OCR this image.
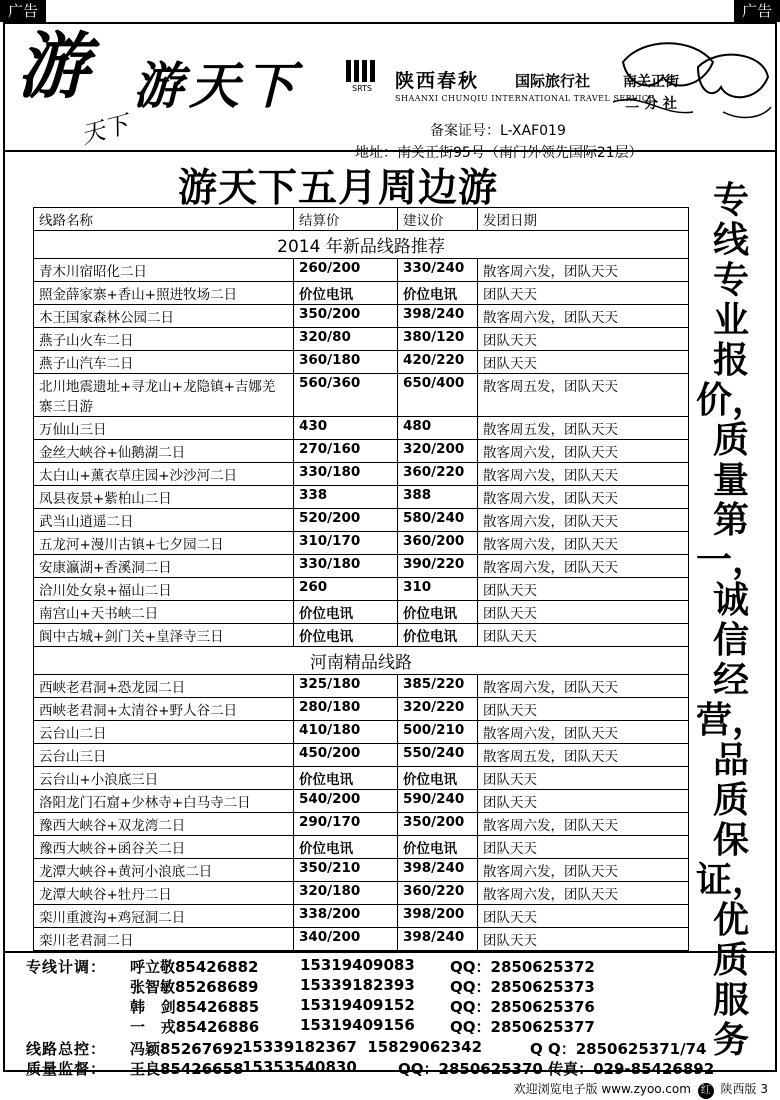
广告	广告
游
天下
游天下	SRTS 陕西春秋 国际旅行社
SHAANXI CHUNQIU INTERNATIONAL TRAVEL SERVICE
南关正街
二 分 社
备案证号：L-XAF019
地址：南关正街95号（南门外领先国际21层）
游天下五月周边游	专线专业报价，质量第一，诚信经营，品质保证，优质服务
线路名称	结算价	建议价	发团日期
2014 年新品线路推荐			
青木川宿昭化二日	260/200	330/240	散客周六发，团队天天
照金薛家寨+香山+照进牧场二日	价位电讯	价位电讯	团队天天
木王国家森林公园二日	350/200	398/240	散客周六发，团队天天
燕子山火车二日	320/80	380/120	团队天天
燕子山汽车二日	360/180	420/220	团队天天
北川地震遗址+寻龙山+龙隐镇+吉娜羌寨三日游	560/360	650/400	散客周五发，团队天天
万仙山三日	430	480	散客周五发，团队天天
金丝大峡谷+仙鹅湖二日	270/160	320/200	散客周六发，团队天天
太白山+薰衣草庄园+沙沙河二日	330/180	360/220	散客周六发，团队天天
凤县夜景+紫柏山二日	338	388	散客周六发，团队天天
武当山逍遥二日	520/200	580/240	散客周六发，团队天天
五龙河+漫川古镇+七夕园二日	310/170	360/200	散客周六发，团队天天
安康瀛湖+香溪洞二日	330/180	390/220	散客周六发，团队天天
洽川处女泉+福山二日	260	310	团队天天
南宫山+天书峡二日	价位电讯	价位电讯	团队天天
阆中古城+剑门关+皇泽寺三日	价位电讯	价位电讯	团队天天
河南精品线路			
西峡老君洞+恐龙园二日	325/180	385/220	散客周六发，团队天天
西峡老君洞+太清谷+野人谷二日	280/180	320/220	团队天天
云台山二日	410/180	500/210	散客周六发，团队天天
云台山三日	450/200	550/240	散客周五发，团队天天
云台山+小浪底三日	价位电讯	价位电讯	团队天天
洛阳龙门石窟+少林寺+白马寺二日	540/200	590/240	团队天天
豫西大峡谷+双龙湾二日	290/170	350/200	散客周六发，团队天天
豫西大峡谷+函谷关二日	价位电讯	价位电讯	团队天天
龙潭大峡谷+黄河小浪底二日	350/210	398/240	散客周六发，团队天天
龙潭大峡谷+牡丹二日	320/180	360/220	散客周六发，团队天天
栾川重渡沟+鸡冠洞二日	338/200	398/200	团队天天
栾川老君洞二日	340/200	398/240	团队天天
专线计调： 呼立敬85426882	15319409083 QQ：2850625372
张智敏85268689	15339182393 QQ：2850625373
韩   剑85426885	15319409152 QQ：2850625376
一   戎85426886	15319409156 QQ：2850625377
线路总控： 冯颖85267692
15339182367  15829062342	Q Q：2850625371/74
质量监督： 王良85426658
15353540830	QQ：2850625370 传真：029-85426892
欢迎浏览电子版 www.zyoo.com 红 陕西版 3
